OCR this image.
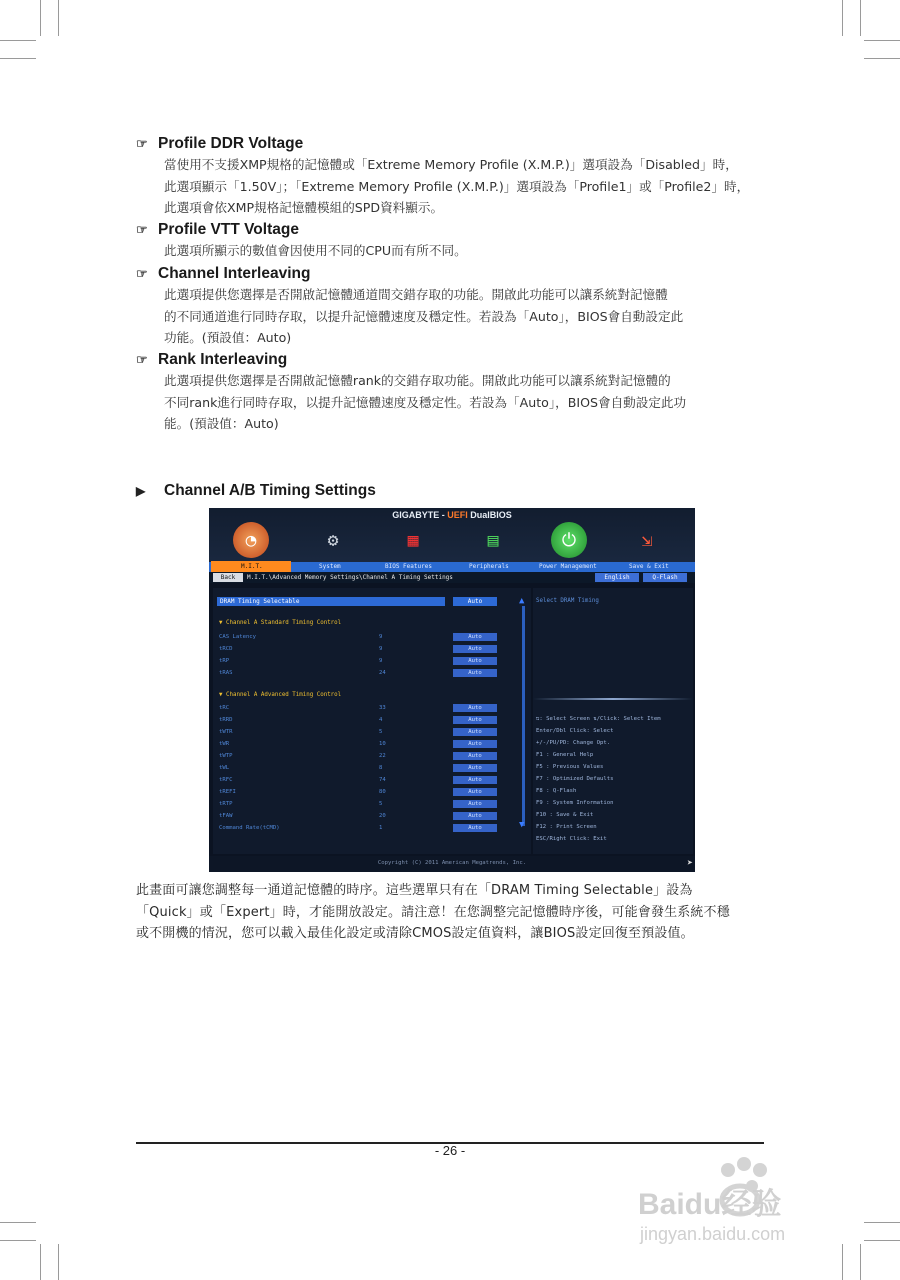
☞ Profile DDR Voltage
當使用不支援XMP規格的記憶體或「Extreme Memory Profile (X.M.P.)」選項設為「Disabled」時，
此選項顯示「1.50V」；「Extreme Memory Profile (X.M.P.)」選項設為「Profile1」或「Profile2」時，
此選項會依XMP規格記憶體模組的SPD資料顯示。
☞ Profile VTT Voltage
此選項所顯示的數值會因使用不同的CPU而有所不同。
☞ Channel Interleaving
此選項提供您選擇是否開啟記憶體通道間交錯存取的功能。開啟此功能可以讓系統對記憶體
的不同通道進行同時存取，以提升記憶體速度及穩定性。若設為「Auto」，BIOS會自動設定此
功能。(預設值：Auto)
☞ Rank Interleaving
此選項提供您選擇是否開啟記憶體rank的交錯存取功能。開啟此功能可以讓系統對記憶體的
不同rank進行同時存取，以提升記憶體速度及穩定性。若設為「Auto」，BIOS會自動設定此功
能。(預設值：Auto)
▶	Channel A/B Timing Settings
GIGABYTE - UEFI DualBIOS
◔	⚙	▦	▤	⏻	⇲
M.I.T.	System	BIOS Features	Peripherals	Power Management	Save & Exit
Back	M.I.T.\Advanced Memory Settings\Channel A Timing Settings	English	Q-Flash
DRAM Timing Selectable	Auto
▼ Channel A Standard Timing Control
▼ Channel A Advanced Timing Control
▲
▼
Select DRAM Timing
Copyright (C) 2011 American Megatrends, Inc.	➤
CAS Latency	9	Auto
tRCD	9	Auto
tRP	9	Auto
tRAS	24	Auto
tRC	33	Auto
tRRD	4	Auto
tWTR	5	Auto
tWR	10	Auto
tWTP	22	Auto
tWL	8	Auto
tRFC	74	Auto
tREFI	80	Auto
tRTP	5	Auto
tFAW	20	Auto
Command Rate(tCMD)	1	Auto
⇆: Select Screen ⇅/Click: Select Item
Enter/Dbl Click: Select
+/-/PU/PD: Change Opt.
F1 : General Help
F5 : Previous Values
F7 : Optimized Defaults
F8 : Q-Flash
F9 : System Information
F10 : Save & Exit
F12 : Print Screen
ESC/Right Click: Exit
此畫面可讓您調整每一通道記憶體的時序。這些選單只有在「DRAM Timing Selectable」設為
「Quick」或「Expert」時，才能開放設定。請注意！在您調整完記憶體時序後，可能會發生系統不穩
或不開機的情況，您可以載入最佳化設定或清除CMOS設定值資料，讓BIOS設定回復至預設值。
- 26 -
Baidu经验
jingyan.baidu.com
